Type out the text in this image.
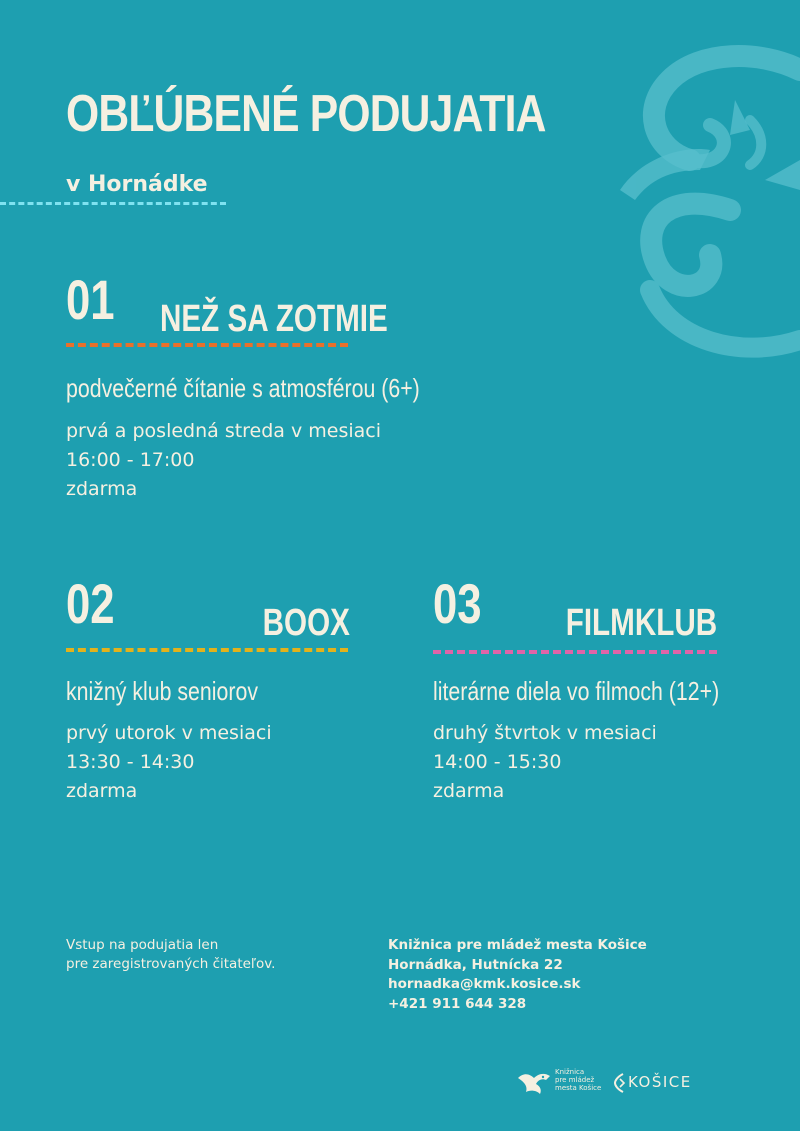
OBĽÚBENÉ PODUJATIA
v Hornádke
01 NEŽ SA ZOTMIE
podvečerné čítanie s atmosférou (6+)
prvá a posledná streda v mesiaci
16:00 - 17:00
zdarma
02	BOOX
knižný klub seniorov
prvý utorok v mesiaci
13:30 - 14:30
zdarma
03 FILMKLUB
literárne diela vo filmoch (12+)
druhý štvrtok v mesiaci
14:00 - 15:30
zdarma
Vstup na podujatia len
pre zaregistrovaných čitateľov.
Knižnica pre mládež mesta Košice
Hornádka, Hutnícka 22
hornadka@kmk.kosice.sk
+421 911 644 328
Knižnica
pre mládež
mesta Košice	KOŠICE
